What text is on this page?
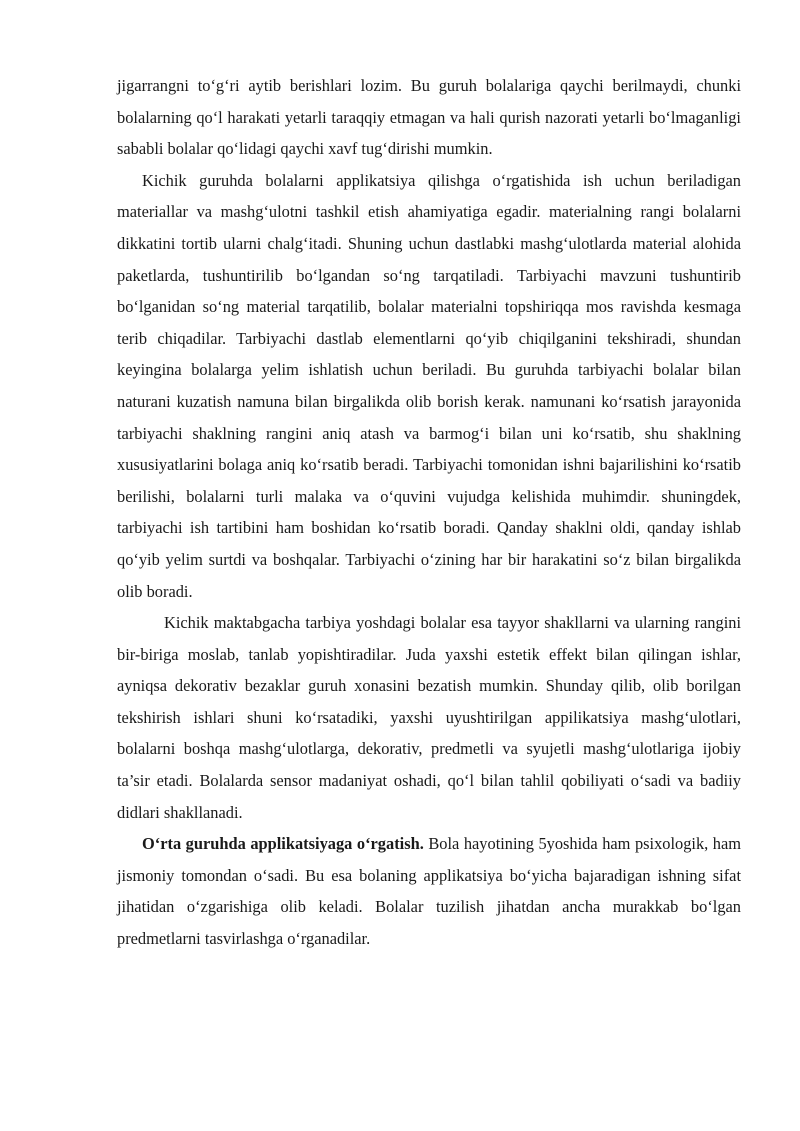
jigarrangni to‘g‘ri aytib berishlari lozim. Bu guruh bolalariga qaychi berilmaydi, chunki bolalarning qo‘l harakati yetarli taraqqiy etmagan va hali qurish nazorati yetarli bo‘lmaganligi sababli bolalar qo‘lidagi qaychi xavf tug‘dirishi mumkin.

Kichik guruhda bolalarni applikatsiya qilishga o‘rgatishida ish uchun beriladigan materiallar va mashg‘ulotni tashkil etish ahamiyatiga egadir. materialning rangi bolalarni dikkatini tortib ularni chalg‘itadi. Shuning uchun dastlabki mashg‘ulotlarda material alohida paketlarda, tushuntirilib bo‘lgandan so‘ng tarqatiladi. Tarbiyachi mavzuni tushuntirib bo‘lganidan so‘ng material tarqatilib, bolalar materialni topshiriqqa mos ravishda kesmaga terib chiqadilar. Tarbiyachi dastlab elementlarni qo‘yib chiqilganini tekshiradi, shundan keyingina bolalarga yelim ishlatish uchun beriladi. Bu guruhda tarbiyachi bolalar bilan naturani kuzatish namuna bilan birgalikda olib borish kerak. namunani ko‘rsatish jarayonida tarbiyachi shaklning rangini aniq atash va barmog‘i bilan uni ko‘rsatib, shu shaklning xususiyatlarini bolaga aniq ko‘rsatib beradi. Tarbiyachi tomonidan ishni bajarilishini ko‘rsatib berilishi, bolalarni turli malaka va o‘quvini vujudga kelishida muhimdir. shuningdek, tarbiyachi ish tartibini ham boshidan ko‘rsatib boradi. Qanday shaklni oldi, qanday ishlab qo‘yib yelim surtdi va boshqalar. Tarbiyachi o‘zining har bir harakatini so‘z bilan birgalikda olib boradi.

Kichik maktabgacha tarbiya yoshdagi bolalar esa tayyor shakllarni va ularning rangini bir-biriga moslab, tanlab yopishtiradilar. Juda yaxshi estetik effekt bilan qilingan ishlar, ayniqsa dekorativ bezaklar guruh xonasini bezatish mumkin. Shunday qilib, olib borilgan tekshirish ishlari shuni ko‘rsatadiki, yaxshi uyushtirilgan appilikatsiya mashg‘ulotlari, bolalarni boshqa mashg‘ulotlarga, dekorativ, predmetli va syujetli mashg‘ulotlariga ijobiy ta’sir etadi. Bolalarda sensor madaniyat oshadi, qo‘l bilan tahlil qobiliyati o‘sadi va badiiy didlari shakllanadi.

O‘rta guruhda applikatsiyaga o‘rgatish. Bola hayotining 5yoshida ham psixologik, ham jismoniy tomondan o‘sadi. Bu esa bolaning applikatsiya bo‘yicha bajaradigan ishning sifat jihatidan o‘zgarishiga olib keladi. Bolalar tuzilish jihatdan ancha murakkab bo‘lgan predmetlarni tasvirlashga o‘rganadilar.
